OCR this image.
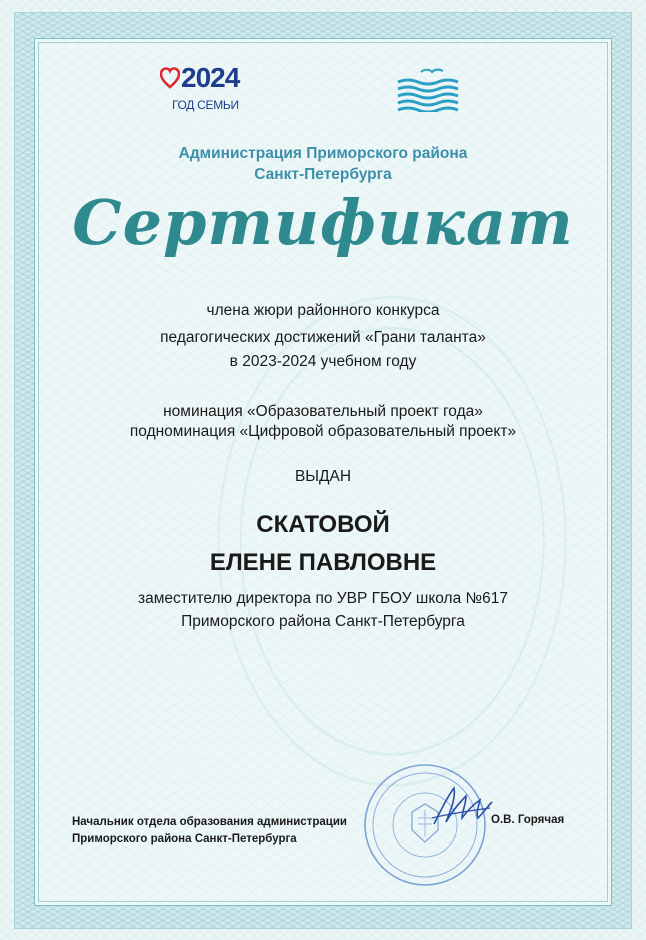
2024
ГОД СЕМЬИ
Администрация Приморского района
Санкт-Петербурга
Сертификат
члена жюри районного конкурса
педагогических достижений «Грани таланта»
в 2023-2024 учебном году
номинация «Образовательный проект года»
подноминация «Цифровой образовательный проект»
ВЫДАН
СКАТОВОЙ
ЕЛЕНЕ ПАВЛОВНЕ
заместителю директора по УВР ГБОУ школа №617
Приморского района Санкт-Петербурга
Начальник отдела образования администрации
Приморского района Санкт-Петербурга
О.В. Горячая
